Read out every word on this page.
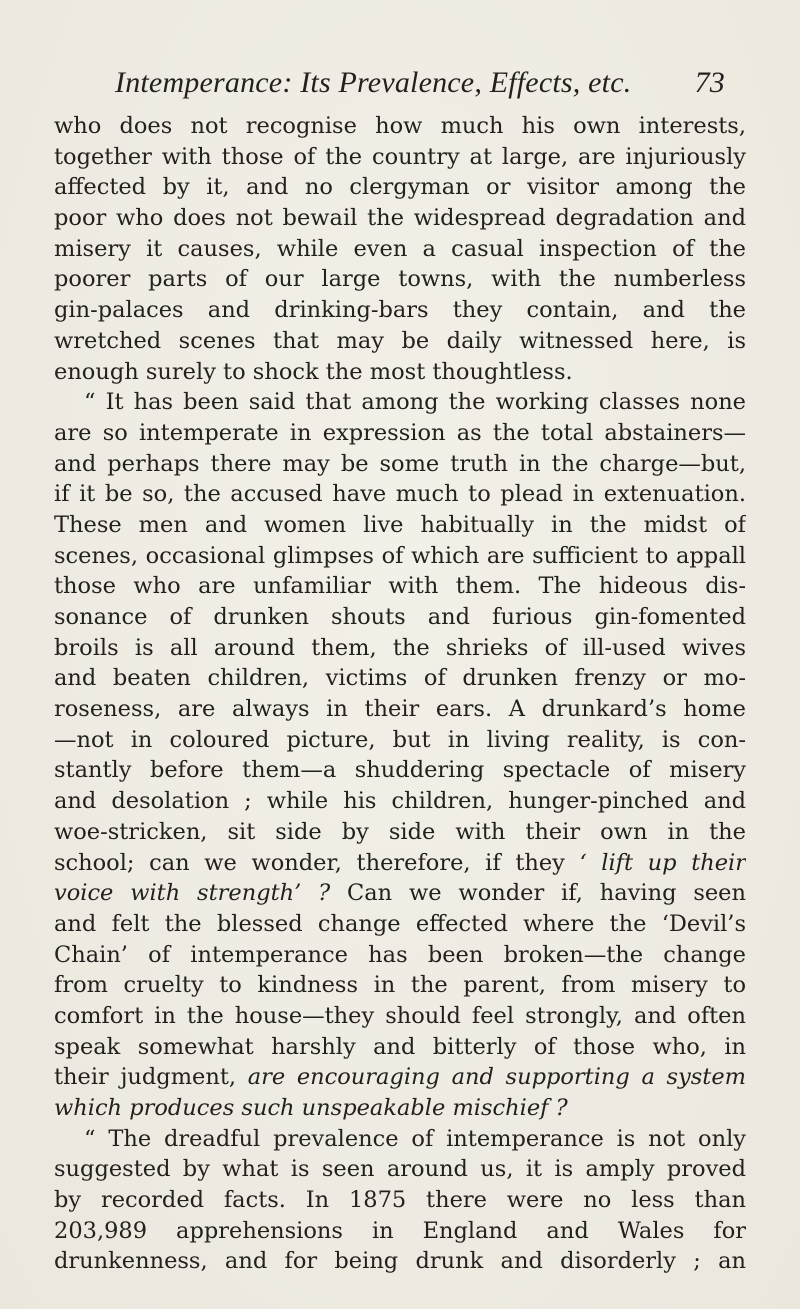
Intemperance: Its Prevalence, Effects, etc. 73
who does not recognise how much his own interests,
together with those of the country at large, are injuriously
affected by it, and no clergyman or visitor among the
poor who does not bewail the widespread degradation and
misery it causes, while even a casual inspection of the
poorer parts of our large towns, with the numberless
gin-palaces and drinking-bars they contain, and the
wretched scenes that may be daily witnessed here, is
enough surely to shock the most thoughtless.
“ It has been said that among the working classes none
are so intemperate in expression as the total abstainers—
and perhaps there may be some truth in the charge—but,
if it be so, the accused have much to plead in extenuation.
These men and women live habitually in the midst of
scenes, occasional glimpses of which are sufficient to appall
those who are unfamiliar with them. The hideous dis-
sonance of drunken shouts and furious gin-fomented
broils is all around them, the shrieks of ill-used wives
and beaten children, victims of drunken frenzy or mo-
roseness, are always in their ears. A drunkard’s home
—not in coloured picture, but in living reality, is con-
stantly before them—a shuddering spectacle of misery
and desolation ; while his children, hunger-pinched and
woe-stricken, sit side by side with their own in the
school; can we wonder, therefore, if they ‘ lift up their
voice with strength’ ? Can we wonder if, having seen
and felt the blessed change effected where the ‘Devil’s
Chain’ of intemperance has been broken—the change
from cruelty to kindness in the parent, from misery to
comfort in the house—they should feel strongly, and often
speak somewhat harshly and bitterly of those who, in
their judgment, are encouraging and supporting a system
which produces such unspeakable mischief ?
“ The dreadful prevalence of intemperance is not only
suggested by what is seen around us, it is amply proved
by recorded facts. In 1875 there were no less than
203,989 apprehensions in England and Wales for
drunkenness, and for being drunk and disorderly ; an
